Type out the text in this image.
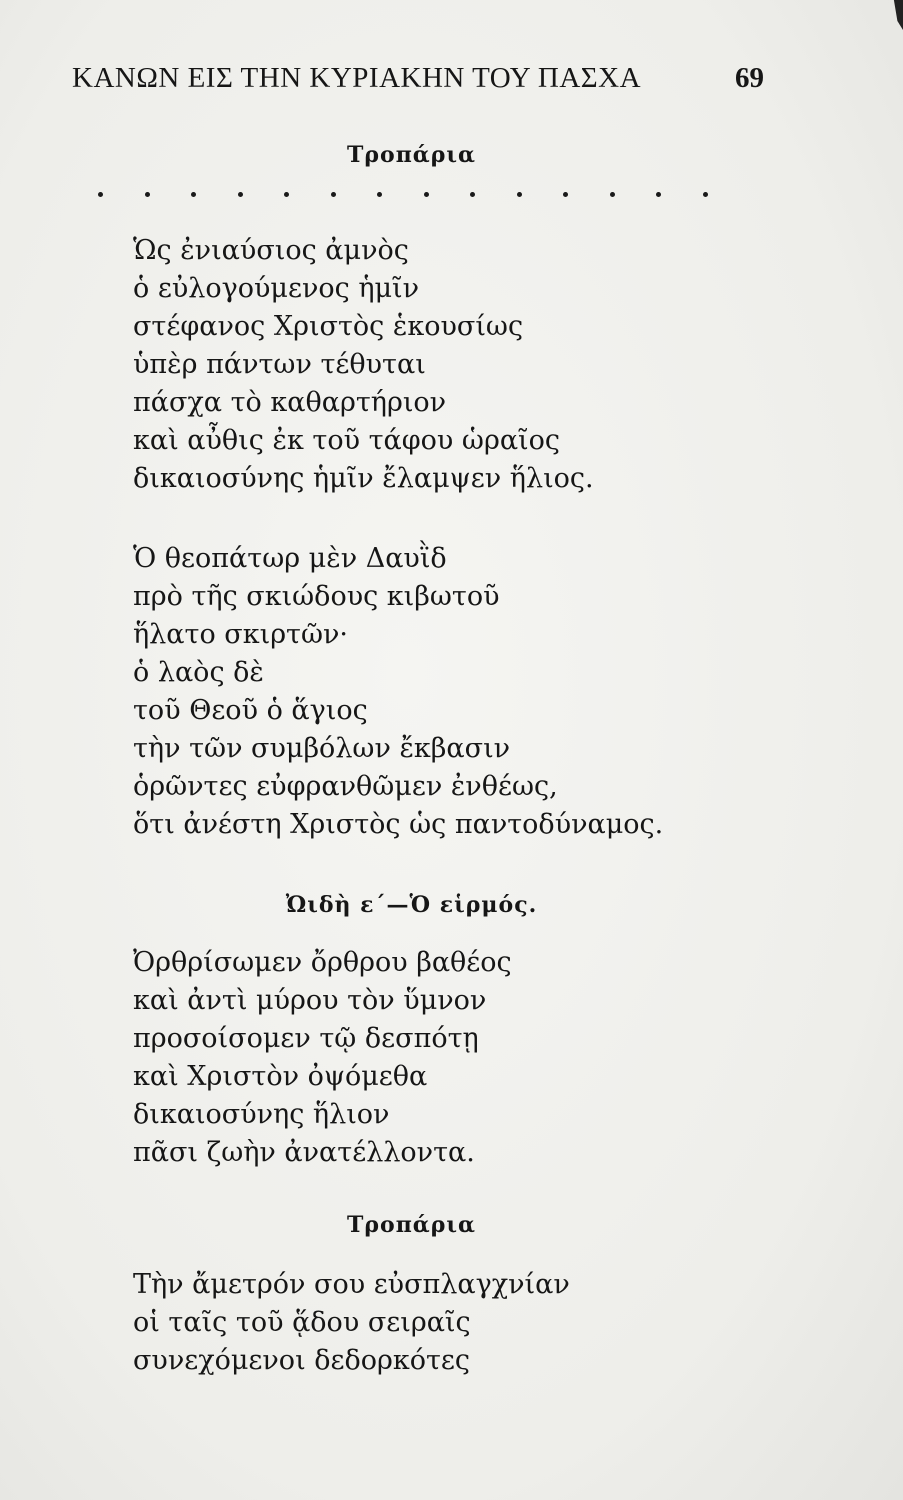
ΚΑΝΩΝ ΕΙΣ ΤΗΝ ΚΥΡΙΑΚΗΝ ΤΟΥ ΠΑΣΧΑ	69
Τροπάρια
Ὡς ἐνιαύσιος ἀμνὸς
ὁ εὐλογούμενος ἡμῖν
στέφανος Χριστὸς ἑκουσίως
ὑπὲρ πάντων τέθυται
πάσχα τὸ καθαρτήριον
καὶ αὖθις ἐκ τοῦ τάφου ὡραῖος
δικαιοσύνης ἡμῖν ἔλαμψεν ἥλιος.
Ὁ θεοπάτωρ μὲν Δαυῒδ
πρὸ τῆς σκιώδους κιβωτοῦ
ἥλατο σκιρτῶν·
ὁ λαὸς δὲ
τοῦ Θεοῦ ὁ ἅγιος
τὴν τῶν συμβόλων ἔκβασιν
ὁρῶντες εὐφρανθῶμεν ἐνθέως,
ὅτι ἀνέστη Χριστὸς ὡς παντοδύναμος.
Ὠιδὴ ε΄—Ὁ εἱρμός.
Ὀρθρίσωμεν ὄρθρου βαθέος
καὶ ἀντὶ μύρου τὸν ὕμνον
προσοίσομεν τῷ δεσπότῃ
καὶ Χριστὸν ὀψόμεθα
δικαιοσύνης ἥλιον
πᾶσι ζωὴν ἀνατέλλοντα.
Τροπάρια
Τὴν ἄμετρόν σου εὐσπλαγχνίαν
οἱ ταῖς τοῦ ᾅδου σειραῖς
συνεχόμενοι δεδορκότες
